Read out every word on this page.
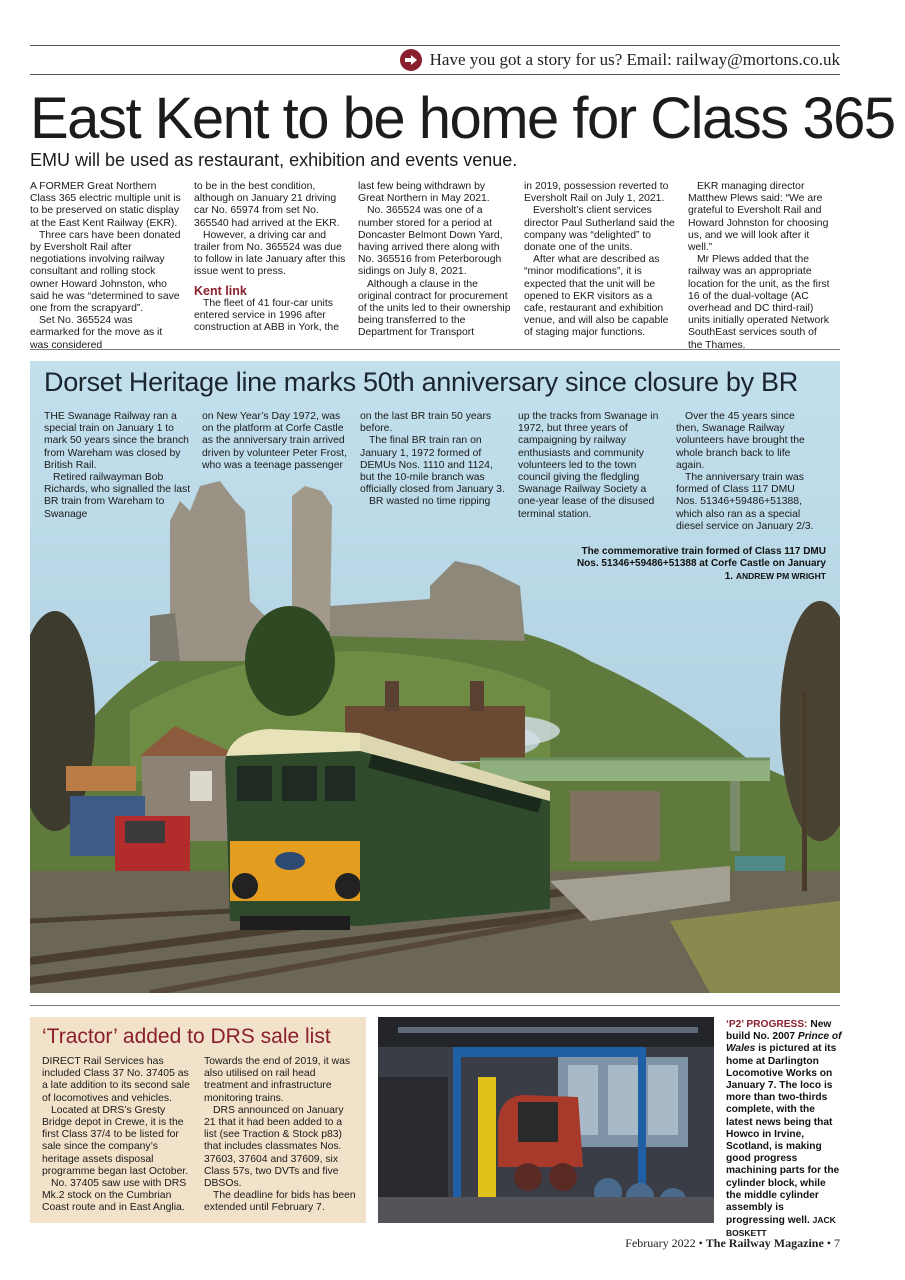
Have you got a story for us? Email: railway@mortons.co.uk
East Kent to be home for Class 365
EMU will be used as restaurant, exhibition and events venue.

A FORMER Great Northern Class 365 electric multiple unit is to be preserved on static display at the East Kent Railway (EKR).

Three cars have been donated by Eversholt Rail after negotiations involving railway consultant and rolling stock owner Howard Johnston, who said he was “determined to save one from the scrapyard”.

Set No. 365524 was earmarked for the move as it was considered

to be in the best condition, although on January 21 driving car No. 65974 from set No. 365540 had arrived at the EKR.

However, a driving car and trailer from No. 365524 was due to follow in late January after this issue went to press.

Kent link

The fleet of 41 four-car units entered service in 1996 after construction at ABB in York, the

last few being withdrawn by Great Northern in May 2021.

No. 365524 was one of a number stored for a period at Doncaster Belmont Down Yard, having arrived there along with No. 365516 from Peterborough sidings on July 8, 2021.

Although a clause in the original contract for procurement of the units led to their ownership being transferred to the Department for Transport

in 2019, possession reverted to Eversholt Rail on July 1, 2021.

Eversholt’s client services director Paul Sutherland said the company was “delighted” to donate one of the units.

After what are described as “minor modifications”, it is expected that the unit will be opened to EKR visitors as a cafe, restaurant and exhibition venue, and will also be capable of staging major functions.

EKR managing director Matthew Plews said: “We are grateful to Eversholt Rail and Howard Johnston for choosing us, and we will look after it well.”

Mr Plews added that the railway was an appropriate location for the unit, as the first 16 of the dual-voltage (AC overhead and DC third-rail) units initially operated Network SouthEast services south of the Thames.

Dorset Heritage line marks 50th anniversary since closure by BR

THE Swanage Railway ran a special train on January 1 to mark 50 years since the branch from Wareham was closed by British Rail.

Retired railwayman Bob Richards, who signalled the last BR train from Wareham to Swanage

on New Year’s Day 1972, was on the platform at Corfe Castle as the anniversary train arrived driven by volunteer Peter Frost, who was a teenage passenger

on the last BR train 50 years before.

The final BR train ran on January 1, 1972 formed of DEMUs Nos. 1110 and 1124, but the 10-mile branch was officially closed from January 3.

BR wasted no time ripping

up the tracks from Swanage in 1972, but three years of campaigning by railway enthusiasts and community volunteers led to the town council giving the fledgling Swanage Railway Society a one-year lease of the disused terminal station.

Over the 45 years since then, Swanage Railway volunteers have brought the whole branch back to life again.

The anniversary train was formed of Class 117 DMU Nos. 51346+59486+51388, which also ran as a special diesel service on January 2/3.

The commemorative train formed of Class 117 DMU Nos. 51346+59486+51388 at Corfe Castle on January 1. ANDREW PM WRIGHT
‘Tractor’ added to DRS sale list

DIRECT Rail Services has included Class 37 No. 37405 as a late addition to its second sale of locomotives and vehicles.

Located at DRS’s Gresty Bridge depot in Crewe, it is the first Class 37/4 to be listed for sale since the company’s heritage assets disposal programme began last October.

No. 37405 saw use with DRS Mk.2 stock on the Cumbrian Coast route and in East Anglia.

Towards the end of 2019, it was also utilised on rail head treatment and infrastructure monitoring trains.

DRS announced on January 21 that it had been added to a list (see Traction & Stock p83) that includes classmates Nos. 37603, 37604 and 37609, six Class 57s, two DVTs and five DBSOs.

The deadline for bids has been extended until February 7.

‘P2’ PROGRESS: New build No. 2007 Prince of Wales is pictured at its home at Darlington Locomotive Works on January 7. The loco is more than two-thirds complete, with the latest news being that Howco in Irvine, Scotland, is making good progress machining parts for the cylinder block, while the middle cylinder assembly is progressing well. JACK BOSKETT
February 2022 • The Railway Magazine • 7
